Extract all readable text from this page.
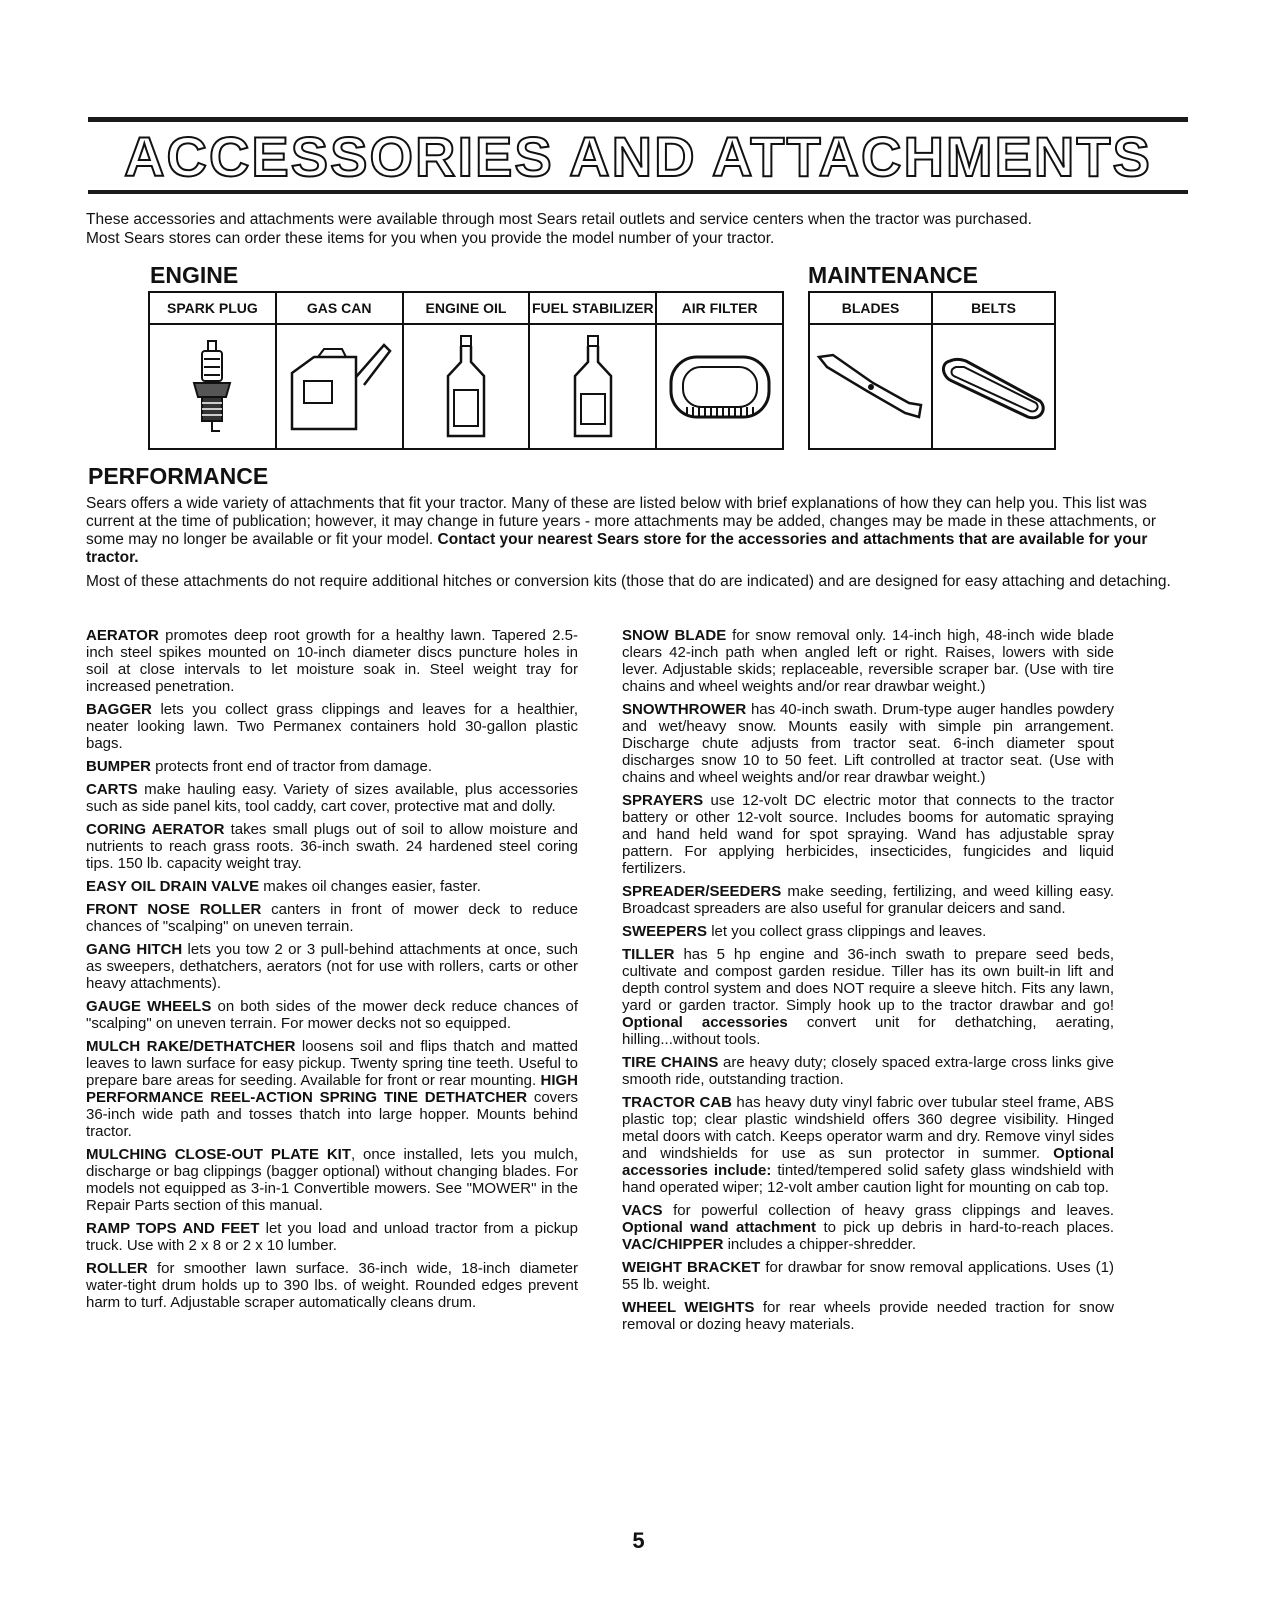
ACCESSORIES AND ATTACHMENTS
These accessories and attachments were available through most Sears retail outlets and service centers when the tractor was purchased.
Most Sears stores can order these items for you when you provide the model number of your tractor.
ENGINE	MAINTENANCE
SPARK PLUG	GAS CAN	ENGINE OIL	FUEL STABILIZER	AIR FILTER

		BLADES	BELTS

PERFORMANCE

Sears offers a wide variety of attachments that fit your tractor. Many of these are listed below with brief explanations of how they can help you. This list was current at the time of publication; however, it may change in future years - more attachments may be added, changes may be made in these attachments, or some may no longer be available or fit your model. Contact your nearest Sears store for the accessories and attachments that are available for your tractor.

Most of these attachments do not require additional hitches or conversion kits (those that do are indicated) and are designed for easy attaching and detaching.

AERATOR promotes deep root growth for a healthy lawn. Tapered 2.5-inch steel spikes mounted on 10-inch diameter discs puncture holes in soil at close intervals to let moisture soak in. Steel weight tray for increased penetration.

BAGGER lets you collect grass clippings and leaves for a healthier, neater looking lawn. Two Permanex containers hold 30-gallon plastic bags.

BUMPER protects front end of tractor from damage.

CARTS make hauling easy. Variety of sizes available, plus accessories such as side panel kits, tool caddy, cart cover, protective mat and dolly.

CORING AERATOR takes small plugs out of soil to allow moisture and nutrients to reach grass roots. 36-inch swath. 24 hardened steel coring tips. 150 lb. capacity weight tray.

EASY OIL DRAIN VALVE makes oil changes easier, faster.

FRONT NOSE ROLLER canters in front of mower deck to reduce chances of "scalping" on uneven terrain.

GANG HITCH lets you tow 2 or 3 pull-behind attachments at once, such as sweepers, dethatchers, aerators (not for use with rollers, carts or other heavy attachments).

GAUGE WHEELS on both sides of the mower deck reduce chances of "scalping" on uneven terrain. For mower decks not so equipped.

MULCH RAKE/DETHATCHER loosens soil and flips thatch and matted leaves to lawn surface for easy pickup. Twenty spring tine teeth. Useful to prepare bare areas for seeding. Available for front or rear mounting. HIGH PERFORMANCE REEL-ACTION SPRING TINE DETHATCHER covers 36-inch wide path and tosses thatch into large hopper. Mounts behind tractor.

MULCHING CLOSE-OUT PLATE KIT, once installed, lets you mulch, discharge or bag clippings (bagger optional) without changing blades. For models not equipped as 3-in-1 Convertible mowers. See "MOWER" in the Repair Parts section of this manual.

RAMP TOPS AND FEET let you load and unload tractor from a pickup truck. Use with 2 x 8 or 2 x 10 lumber.

ROLLER for smoother lawn surface. 36-inch wide, 18-inch diameter water-tight drum holds up to 390 lbs. of weight. Rounded edges prevent harm to turf. Adjustable scraper automatically cleans drum.

SNOW BLADE for snow removal only. 14-inch high, 48-inch wide blade clears 42-inch path when angled left or right. Raises, lowers with side lever. Adjustable skids; replaceable, reversible scraper bar. (Use with tire chains and wheel weights and/or rear drawbar weight.)

SNOWTHROWER has 40-inch swath. Drum-type auger handles powdery and wet/heavy snow. Mounts easily with simple pin arrangement. Discharge chute adjusts from tractor seat. 6-inch diameter spout discharges snow 10 to 50 feet. Lift controlled at tractor seat. (Use with chains and wheel weights and/or rear drawbar weight.)

SPRAYERS use 12-volt DC electric motor that connects to the tractor battery or other 12-volt source. Includes booms for automatic spraying and hand held wand for spot spraying. Wand has adjustable spray pattern. For applying herbicides, insecticides, fungicides and liquid fertilizers.

SPREADER/SEEDERS make seeding, fertilizing, and weed killing easy. Broadcast spreaders are also useful for granular deicers and sand.

SWEEPERS let you collect grass clippings and leaves.

TILLER has 5 hp engine and 36-inch swath to prepare seed beds, cultivate and compost garden residue. Tiller has its own built-in lift and depth control system and does NOT require a sleeve hitch. Fits any lawn, yard or garden tractor. Simply hook up to the tractor drawbar and go! Optional accessories convert unit for dethatching, aerating, hilling...without tools.

TIRE CHAINS are heavy duty; closely spaced extra-large cross links give smooth ride, outstanding traction.

TRACTOR CAB has heavy duty vinyl fabric over tubular steel frame, ABS plastic top; clear plastic windshield offers 360 degree visibility. Hinged metal doors with catch. Keeps operator warm and dry. Remove vinyl sides and windshields for use as sun protector in summer. Optional accessories include: tinted/tempered solid safety glass windshield with hand operated wiper; 12-volt amber caution light for mounting on cab top.

VACS for powerful collection of heavy grass clippings and leaves. Optional wand attachment to pick up debris in hard-to-reach places. VAC/CHIPPER includes a chipper-shredder.

WEIGHT BRACKET for drawbar for snow removal applications. Uses (1) 55 lb. weight.

WHEEL WEIGHTS for rear wheels provide needed traction for snow removal or dozing heavy materials.

5
